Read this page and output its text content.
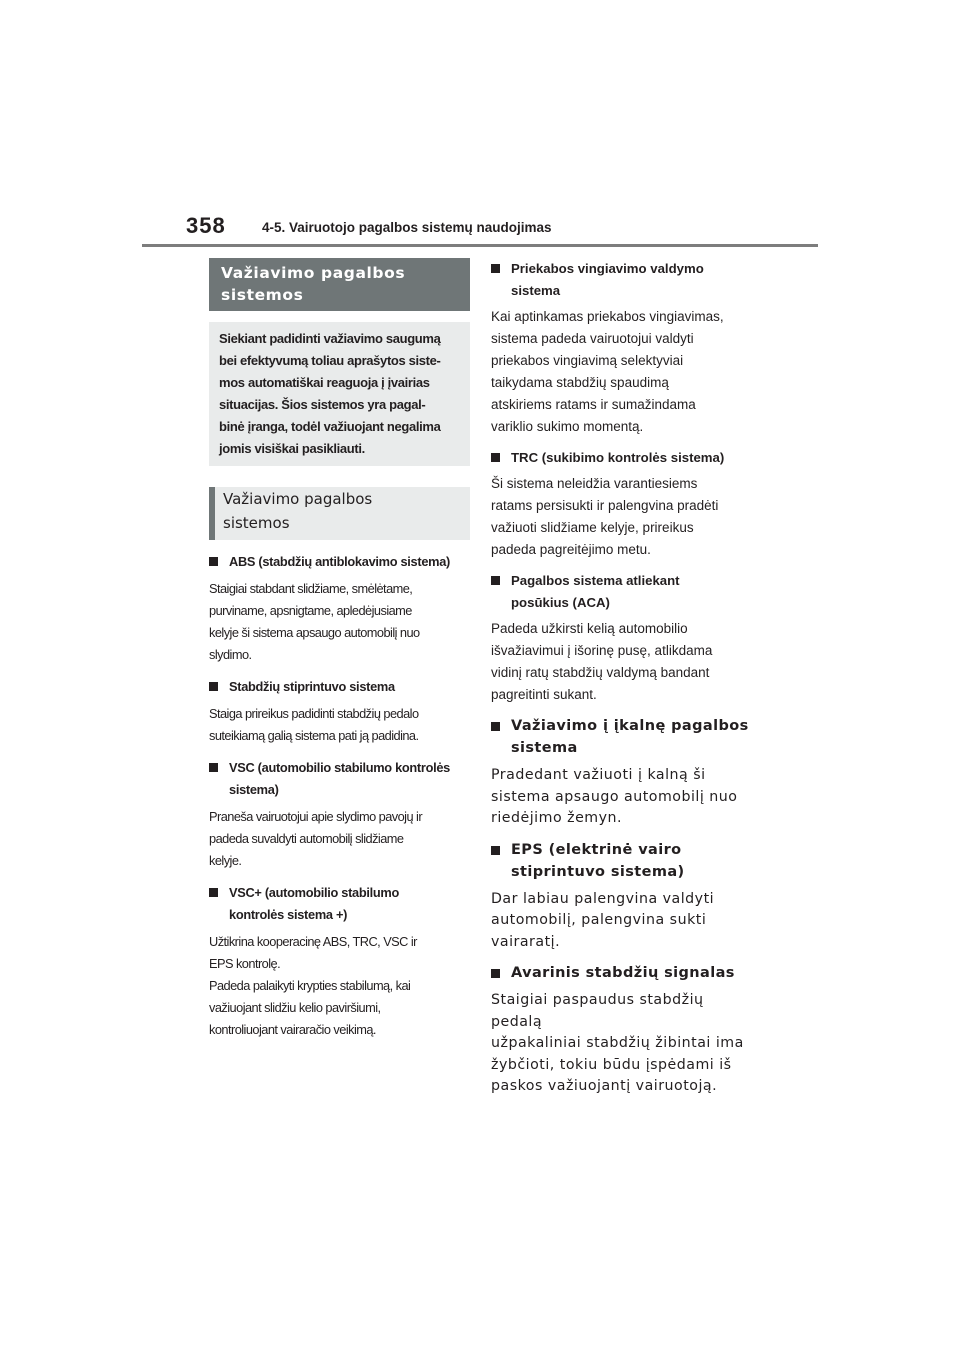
358	4-5. Vairuotojo pagalbos sistemų naudojimas
Važiavimo pagalbos
sistemos
Siekiant padidinti važiavimo saugumą
bei efektyvumą toliau aprašytos siste-
mos automatiškai reaguoja į įvairias
situacijas. Šios sistemos yra pagal-
binė įranga, todėl važiuojant negalima
jomis visiškai pasikliauti.
Važiavimo pagalbos
sistemos
ABS (stabdžių antiblokavimo sistema)
Staigiai stabdant slidžiame, smėlėtame,
purviname, apsnigtame, apledėjusiame
kelyje ši sistema apsaugo automobilį nuo
slydimo.
Stabdžių stiprintuvo sistema
Staiga prireikus padidinti stabdžių pedalo
suteikiamą galią sistema pati ją padidina.
VSC (automobilio stabilumo kontrolės
sistema)
Praneša vairuotojui apie slydimo pavojų ir
padeda suvaldyti automobilį slidžiame
kelyje.
VSC+ (automobilio stabilumo
kontrolės sistema +)
Užtikrina kooperacinę ABS, TRC, VSC ir
EPS kontrolę.
Padeda palaikyti krypties stabilumą, kai
važiuojant slidžiu kelio paviršiumi,
kontroliuojant vairaračio veikimą.
Priekabos vingiavimo valdymo
sistema
Kai aptinkamas priekabos vingiavimas,
sistema padeda vairuotojui valdyti
priekabos vingiavimą selektyviai
taikydama stabdžių spaudimą
atskiriems ratams ir sumažindama
variklio sukimo momentą.
TRC (sukibimo kontrolės sistema)
Ši sistema neleidžia varantiesiems
ratams persisukti ir palengvina pradėti
važiuoti slidžiame kelyje, prireikus
padeda pagreitėjimo metu.
Pagalbos sistema atliekant
posūkius (ACA)
Padeda užkirsti kelią automobilio
išvažiavimui į išorinę pusę, atlikdama
vidinį ratų stabdžių valdymą bandant
pagreitinti sukant.
Važiavimo į įkalnę pagalbos
sistema
Pradedant važiuoti į kalną ši
sistema apsaugo automobilį nuo
riedėjimo žemyn.
EPS (elektrinė vairo
stiprintuvo sistema)
Dar labiau palengvina valdyti
automobilį, palengvina sukti
vairaratį.
Avarinis stabdžių signalas
Staigiai paspaudus stabdžių pedalą
užpakaliniai stabdžių žibintai ima
žybčioti, tokiu būdu įspėdami iš
paskos važiuojantį vairuotoją.
